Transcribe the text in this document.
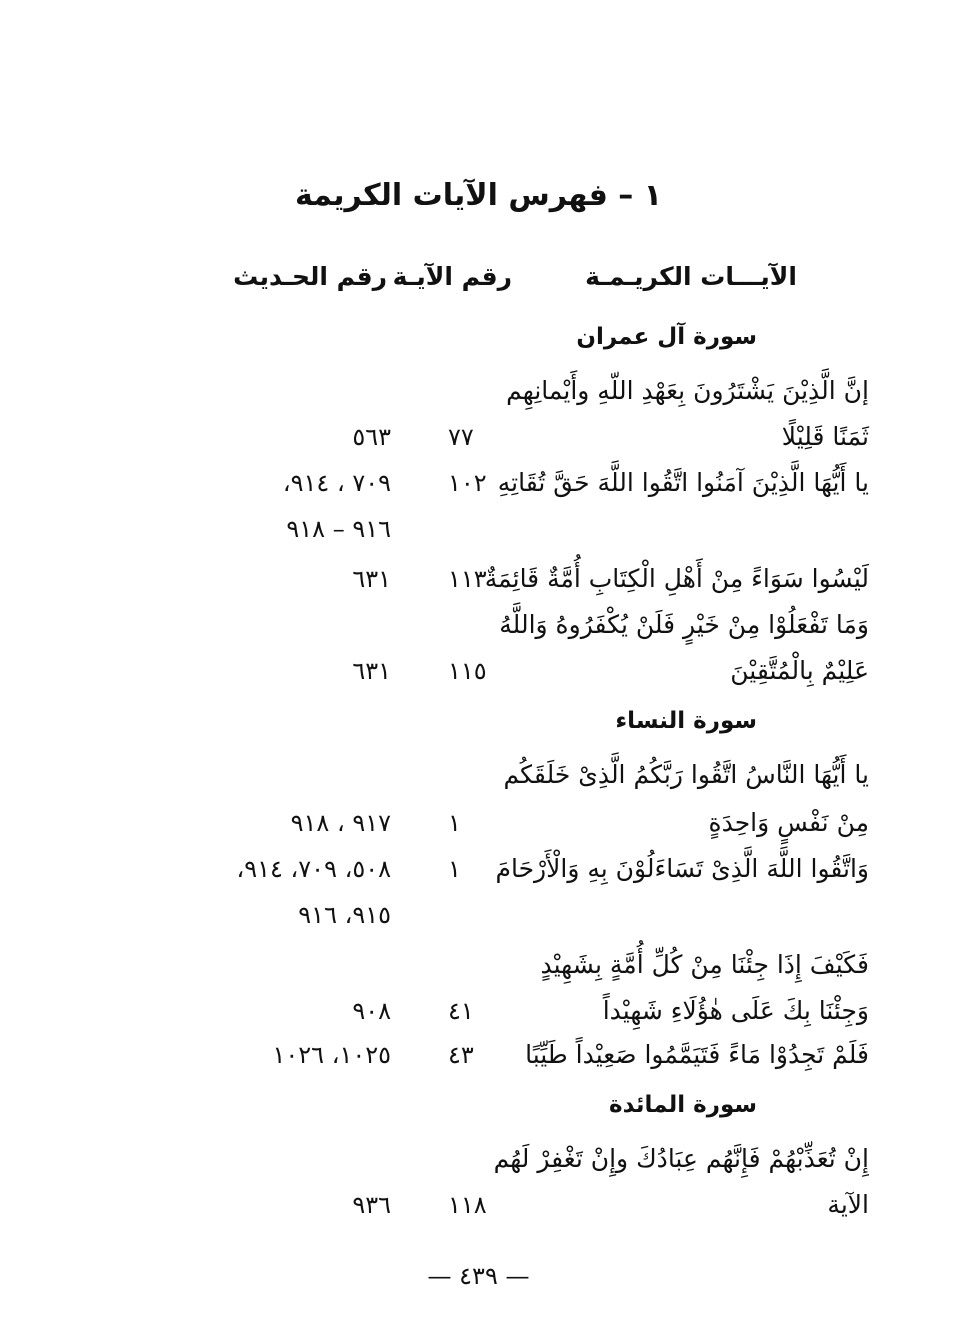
١ – فهرس الآيات الكريمة
الآيـــات الكريـمـة
رقم الآيـة
رقم الحـديث
سورة آل عمران
إنَّ الَّذِيْنَ يَشْتَرُونَ بِعَهْدِ اللّهِ وأَيْمانِهِم
ثَمَنًا قَلِيْلًا
٧٧
٥٦٣
يا أَيُّهَا الَّذِيْنَ آمَنُوا اتَّقُوا اللَّهَ حَقَّ تُقَاتِهِ
١٠٢
٧٠٩ ، ٩١٤،
٩١٦ – ٩١٨
لَيْسُوا سَوَاءً مِنْ أَهْلِ الْكِتَابِ أُمَّةٌ قَائِمَةٌ
١١٣
٦٣١
وَمَا تَفْعَلُوْا مِنْ خَيْرٍ فَلَنْ يُكْفَرُوهُ وَاللَّهُ
عَلِيْمٌ بِالْمُتَّقِيْنَ
١١٥
٦٣١
سورة النساء
يا أَيُّهَا النَّاسُ اتَّقُوا رَبَّكُمُ الَّذِىْ خَلَقَكُم
مِنْ نَفْسٍ وَاحِدَةٍ
١
٩١٧ ، ٩١٨
وَاتَّقُوا اللَّهَ الَّذِىْ تَسَاءَلُوْنَ بِهِ وَالْأَرْحَامَ
١
٥٠٨، ٧٠٩، ٩١٤،
٩١٥، ٩١٦
فَكَيْفَ إِذَا جِئْنَا مِنْ كُلِّ أُمَّةٍ بِشَهِيْدٍ
وَجِئْنَا بِكَ عَلَى هٰؤُلَاءِ شَهِيْداً
٤١
٩٠٨
فَلَمْ تَجِدُوْا مَاءً فَتَيَمَّمُوا صَعِيْداً طَيِّبًا
٤٣
١٠٢٥، ١٠٢٦
سورة المائدة
إِنْ تُعَذِّبْهُمْ فَإِنَّهُم عِبَادُكَ وإِنْ تَغْفِرْ لَهُم
الآية
١١٨
٩٣٦
— ٤٣٩ —
